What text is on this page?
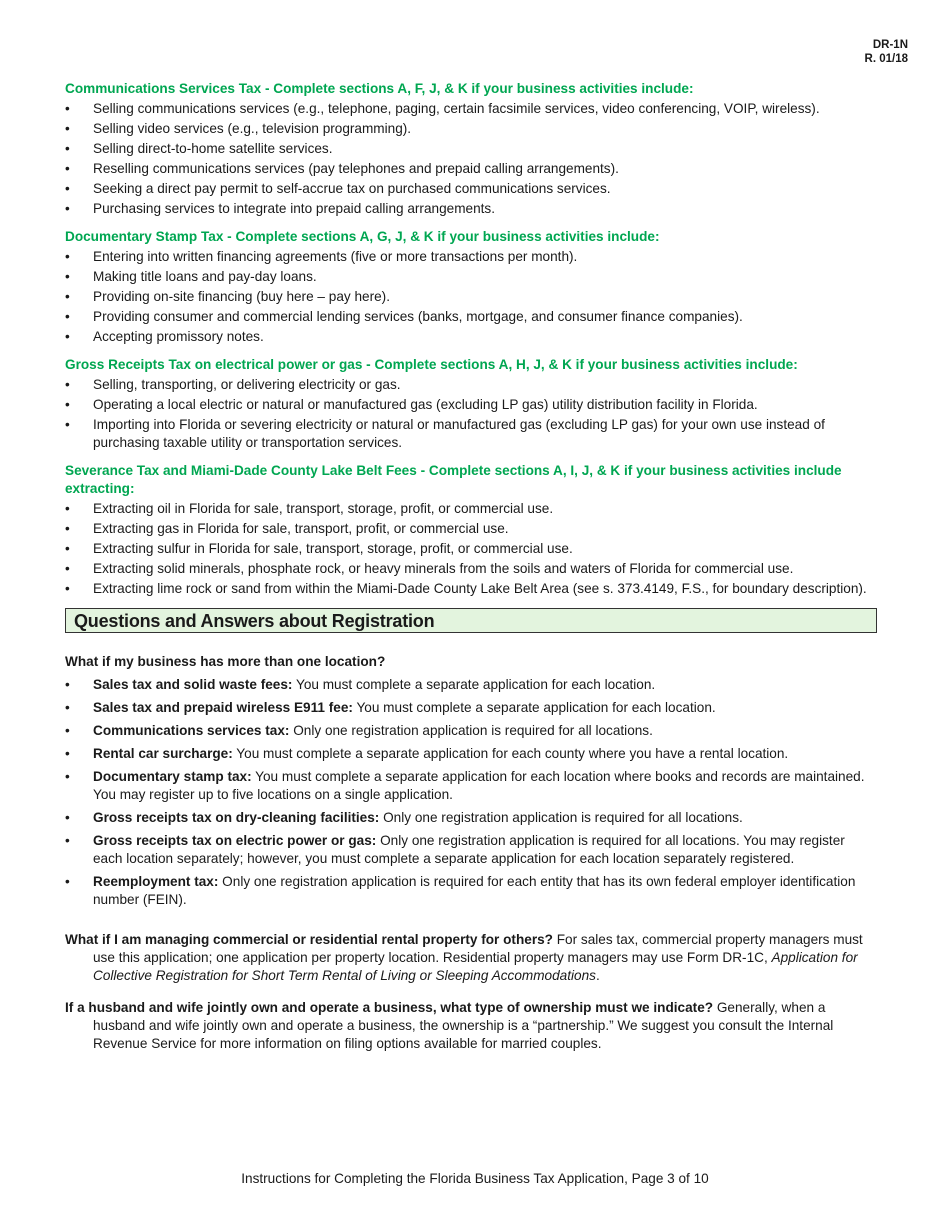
DR-1N
R. 01/18
Communications Services Tax - Complete sections A, F, J, & K if your business activities include:
• Selling communications services (e.g., telephone, paging, certain facsimile services, video conferencing, VOIP, wireless).
• Selling video services (e.g., television programming).
• Selling direct-to-home satellite services.
• Reselling communications services (pay telephones and prepaid calling arrangements).
• Seeking a direct pay permit to self-accrue tax on purchased communications services.
• Purchasing services to integrate into prepaid calling arrangements.
Documentary Stamp Tax - Complete sections A, G, J, & K if your business activities include:
• Entering into written financing agreements (five or more transactions per month).
• Making title loans and pay-day loans.
• Providing on-site financing (buy here – pay here).
• Providing consumer and commercial lending services (banks, mortgage, and consumer finance companies).
• Accepting promissory notes.
Gross Receipts Tax on electrical power or gas - Complete sections A, H, J, & K if your business activities include:
• Selling, transporting, or delivering electricity or gas.
• Operating a local electric or natural or manufactured gas (excluding LP gas) utility distribution facility in Florida.
• Importing into Florida or severing electricity or natural or manufactured gas (excluding LP gas) for your own use instead of purchasing taxable utility or transportation services.
Severance Tax and Miami-Dade County Lake Belt Fees - Complete sections A, I, J, & K if your business activities include extracting:
• Extracting oil in Florida for sale, transport, storage, profit, or commercial use.
• Extracting gas in Florida for sale, transport, profit, or commercial use.
• Extracting sulfur in Florida for sale, transport, storage, profit, or commercial use.
• Extracting solid minerals, phosphate rock, or heavy minerals from the soils and waters of Florida for commercial use.
• Extracting lime rock or sand from within the Miami-Dade County Lake Belt Area (see s. 373.4149, F.S., for boundary description).
Questions and Answers about Registration
What if my business has more than one location?
• Sales tax and solid waste fees: You must complete a separate application for each location.
• Sales tax and prepaid wireless E911 fee: You must complete a separate application for each location.
• Communications services tax: Only one registration application is required for all locations.
• Rental car surcharge: You must complete a separate application for each county where you have a rental location.
• Documentary stamp tax: You must complete a separate application for each location where books and records are maintained. You may register up to five locations on a single application.
• Gross receipts tax on dry-cleaning facilities: Only one registration application is required for all locations.
• Gross receipts tax on electric power or gas: Only one registration application is required for all locations. You may register each location separately; however, you must complete a separate application for each location separately registered.
• Reemployment tax: Only one registration application is required for each entity that has its own federal employer identification number (FEIN).

What if I am managing commercial or residential rental property for others? For sales tax, commercial property managers must use this application; one application per property location. Residential property managers may use Form DR-1C, Application for Collective Registration for Short Term Rental of Living or Sleeping Accommodations.

If a husband and wife jointly own and operate a business, what type of ownership must we indicate? Generally, when a husband and wife jointly own and operate a business, the ownership is a “partnership.” We suggest you consult the Internal Revenue Service for more information on filing options available for married couples.

Instructions for Completing the Florida Business Tax Application, Page 3 of 10
